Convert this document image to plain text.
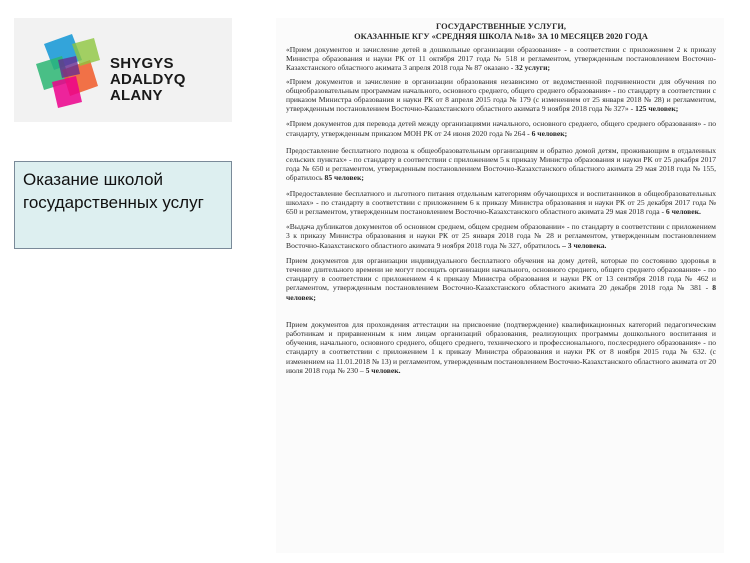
SHYGYS
ADALDYQ ALANY
Оказание школой государственных услуг
ГОСУДАРСТВЕННЫЕ УСЛУГИ,
ОКАЗАННЫЕ КГУ «СРЕДНЯЯ ШКОЛА №18» ЗА 10 МЕСЯЦЕВ 2020 ГОДА

«Прием документов и зачисление детей в дошкольные организации образования» - в соответствии с приложением 2 к приказу Министра образования и науки РК от 11 октября 2017 года № 518 и регламентом, утвержденным постановлением Восточно-Казахстанского областного акимата 3 апреля 2018 года № 87 оказано - 32 услуги;

«Прием документов и зачисление в организации образования независимо от ведомственной подчиненности для обучения по общеобразовательным программам начального, основного среднего, общего среднего образования» - по стандарту в соответствии с приказом Министра образования и науки РК от 8 апреля 2015 года № 179 (с изменением от 25 января 2018 № 28) и регламентом, утвержденным постановлением Восточно-Казахстанского областного акимата 9 ноября 2018 года № 327» - 125 человек;

«Прием документов для перевода детей между организациями начального, основного среднего, общего среднего образования» - по стандарту, утвержденным приказом МОН РК от 24 июня 2020 года № 264 - 6 человек;

Предоставление бесплатного подвоза к общеобразовательным организациям и обратно домой детям, проживающим в отдаленных сельских пунктах» - по стандарту в соответствии с приложением 5 к приказу Министра образования и науки РК от 25 декабря 2017 года № 650 и регламентом, утвержденным постановлением Восточно-Казахстанского областного акимата 29 мая 2018 года № 155, обратилось 85 человек;

«Предоставление бесплатного и льготного питания отдельным категориям обучающихся и воспитанников в общеобразовательных школах» - по стандарту в соответствии с приложением 6 к приказу Министра образования и науки РК от 25 декабря 2017 года № 650 и регламентом, утвержденным постановлением Восточно-Казахстанского областного акимата 29 мая 2018 года - 6 человек.

«Выдача дубликатов документов об основном среднем, общем среднем образовании» - по стандарту в соответствии с приложением 3 к приказу Министра образования и науки РК от 25 января 2018 года № 28 и регламентом, утвержденным постановлением Восточно-Казахстанского областного акимата 9 ноября 2018 года № 327, обратилось – 3 человека.

Прием документов для организации индивидуального бесплатного обучения на дому детей, которые по состоянию здоровья в течение длительного времени не могут посещать организации начального, основного среднего, общего среднего образования» - по стандарту в соответствии с приложением 4 к приказу Министра образования и науки РК от 13 сентября 2018 года № 462 и регламентом, утвержденным постановлением Восточно-Казахстанского областного акимата 20 декабря 2018 года № 381 - 8 человек;

Прием документов для прохождения аттестации на присвоение (подтверждение) квалификационных категорий педагогическим работникам и приравненным к ним лицам организаций образования, реализующих программы дошкольного воспитания и обучения, начального, основного среднего, общего среднего, технического и профессионального, послесреднего образования» - по стандарту в соответствии с приложением 1 к приказу Министра образования и науки РК от 8 ноября 2015 года № 632. (с изменением на 11.01.2018 № 13) и регламентом, утвержденным постановлением Восточно-Казахстанского областного акимата от 20 июля 2018 года № 230 – 5 человек.
